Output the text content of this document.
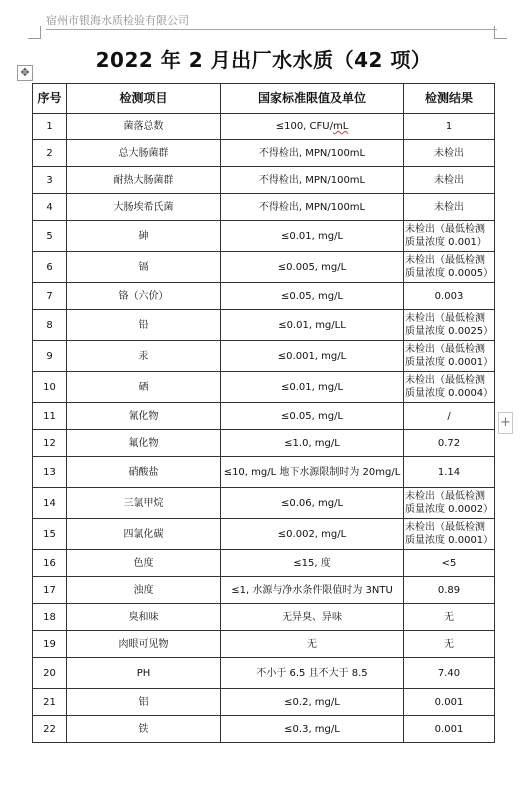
宿州市银海水质检验有限公司
✥
+
2022 年 2 月出厂水水质（42 项）
序号	检测项目	国家标准限值及单位	检测结果
1	菌落总数	≤100, CFU/mL	1
2	总大肠菌群	不得检出, MPN/100mL	未检出
3	耐热大肠菌群	不得检出, MPN/100mL	未检出
4	大肠埃希氏菌	不得检出, MPN/100mL	未检出
5	砷	≤0.01, mg/L	未检出（最低检测质量浓度 0.001）
6	镉	≤0.005, mg/L	未检出（最低检测质量浓度 0.0005）
7	铬（六价）	≤0.05, mg/L	0.003
8	铅	≤0.01, mg/LL	未检出（最低检测质量浓度 0.0025）
9	汞	≤0.001, mg/L	未检出（最低检测质量浓度 0.0001）
10	硒	≤0.01, mg/L	未检出（最低检测质量浓度 0.0004）
11	氰化物	≤0.05, mg/L	/
12	氟化物	≤1.0, mg/L	0.72
13	硝酸盐	≤10, mg/L 地下水源限制时为 20mg/L	1.14
14	三氯甲烷	≤0.06, mg/L	未检出（最低检测质量浓度 0.0002）
15	四氯化碳	≤0.002, mg/L	未检出（最低检测质量浓度 0.0001）
16	色度	≤15, 度	<5
17	浊度	≤1, 水源与净水条件限值时为 3NTU	0.89
18	臭和味	无异臭、异味	无
19	肉眼可见物	无	无
20	PH	不小于 6.5 且不大于 8.5	7.40
21	铝	≤0.2, mg/L	0.001
22	铁	≤0.3, mg/L	0.001
